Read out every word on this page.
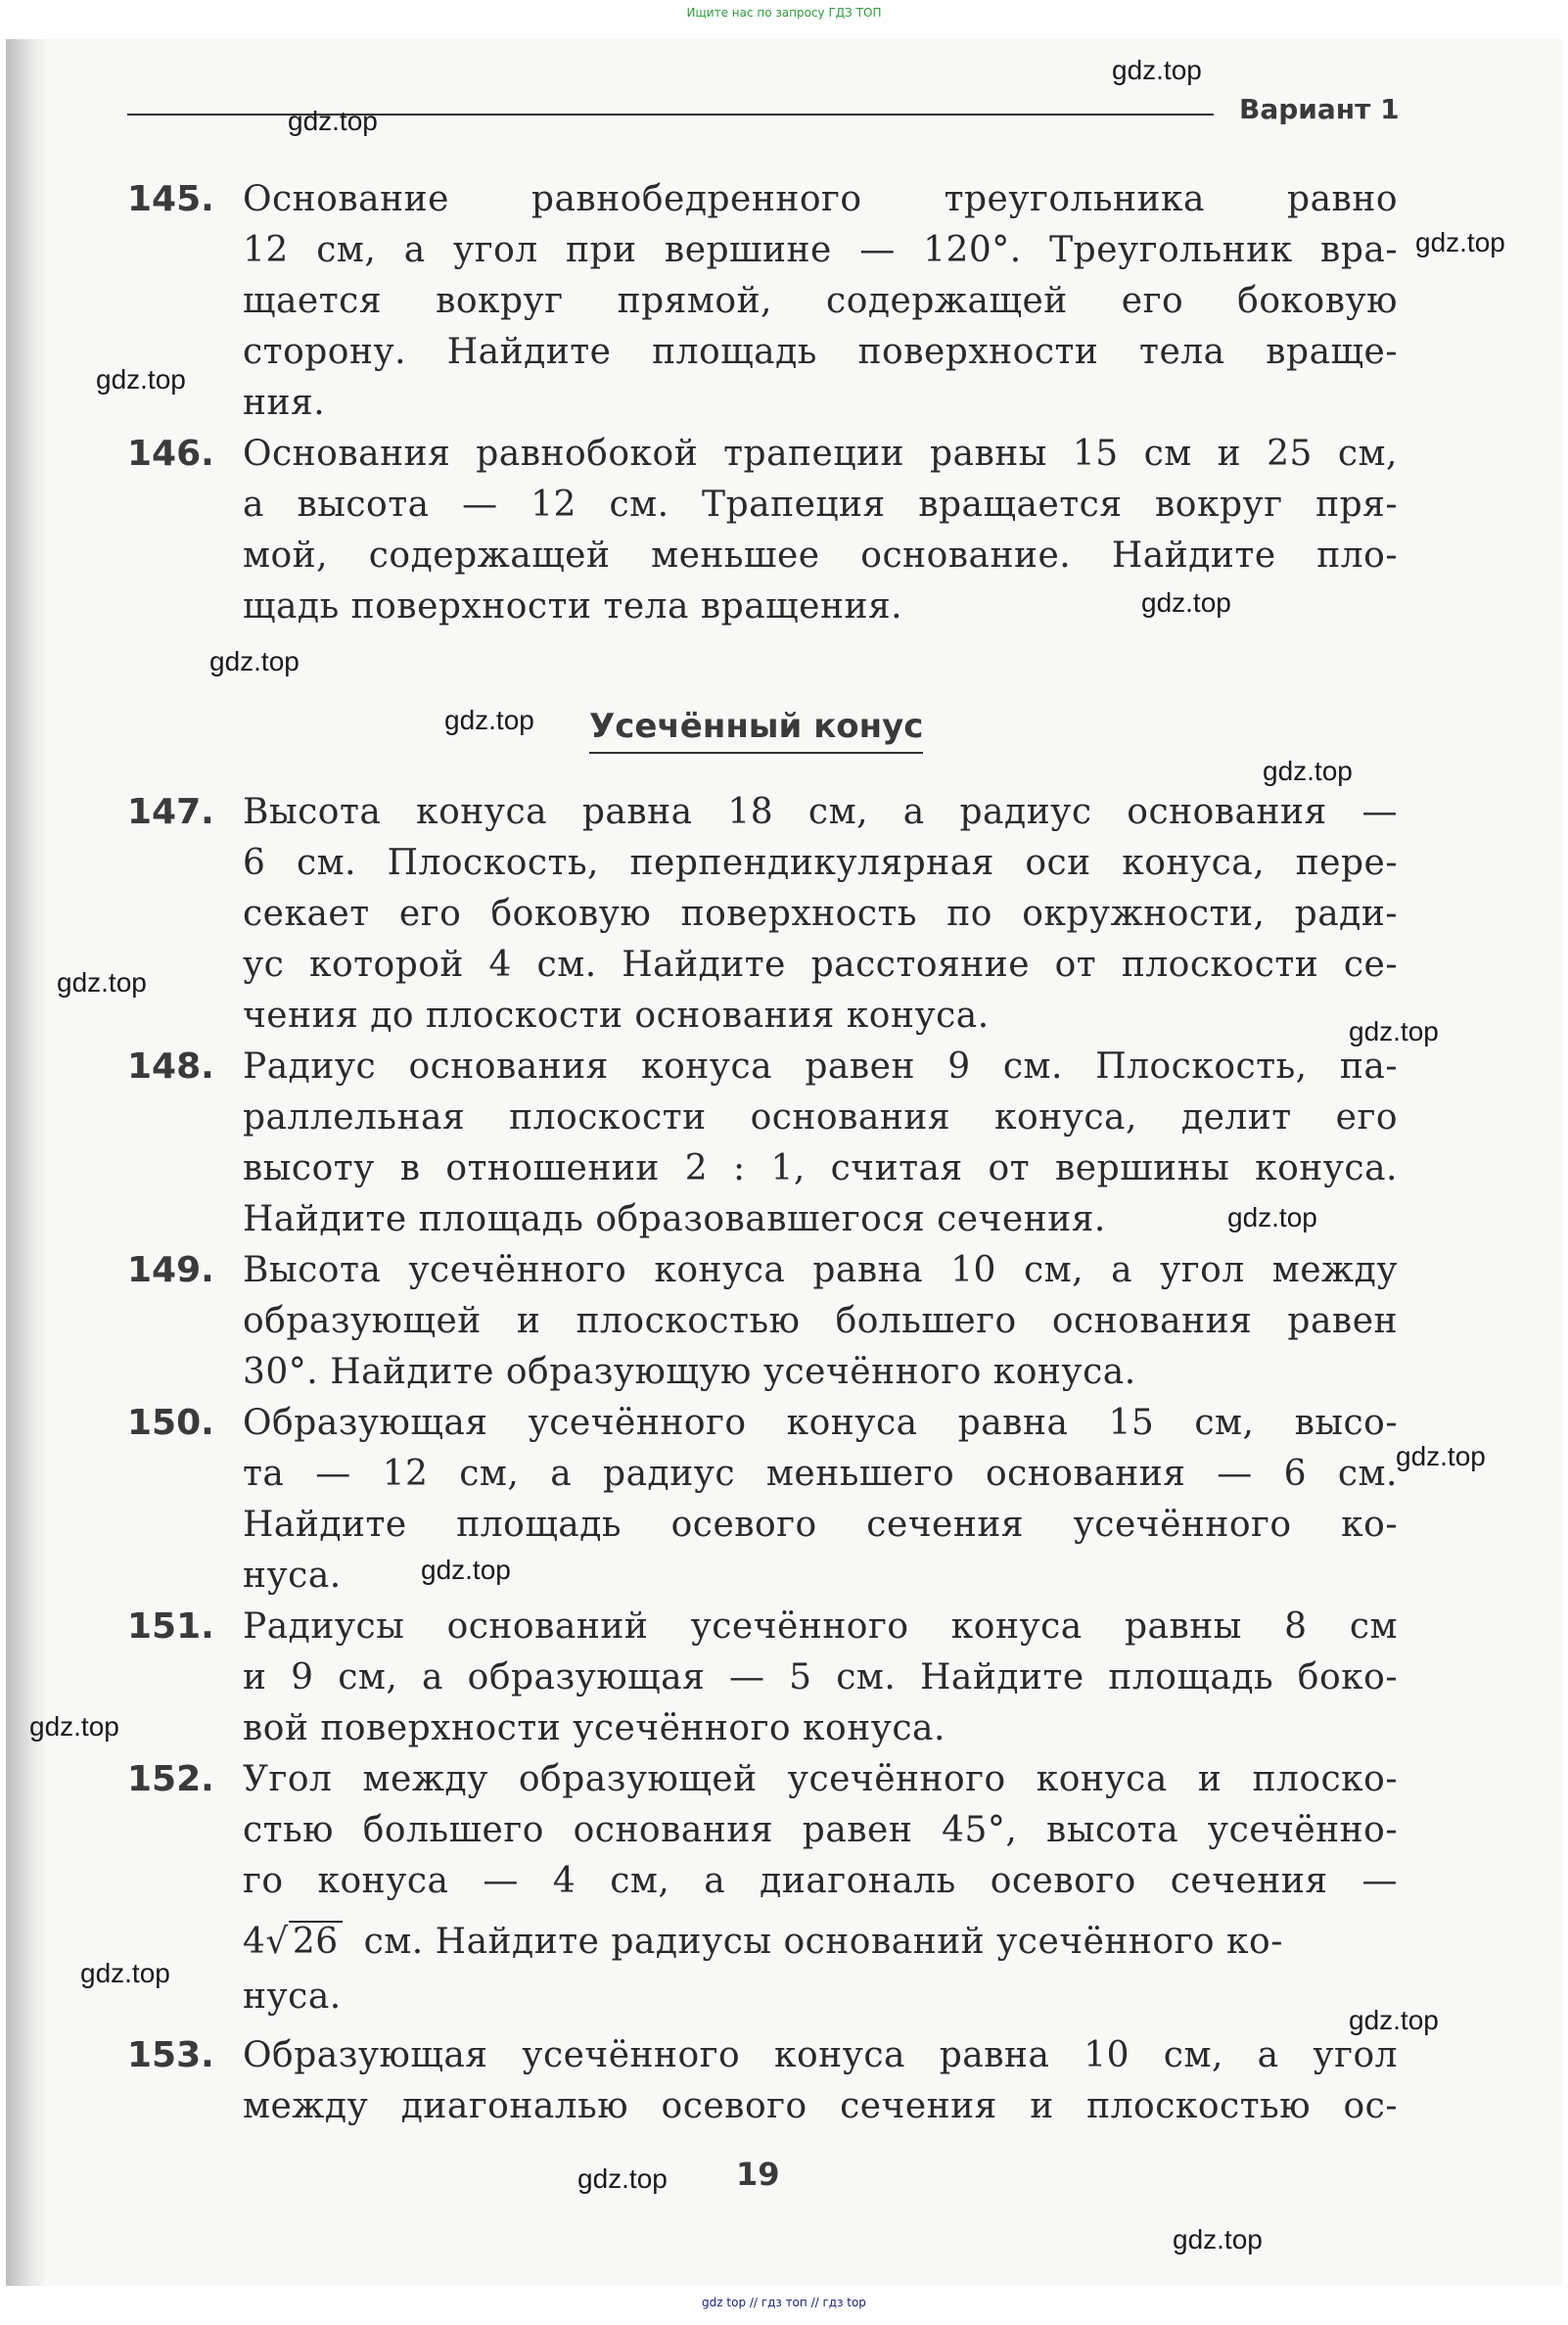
Ищите нас по запросу ГДЗ ТОП
Вариант 1
145. Основание равнобедренного треугольника равно
12 см, а угол при вершине — 120°. Треугольник вра-
щается вокруг прямой, содержащей его боковую
сторону. Найдите площадь поверхности тела враще-
ния.
146. Основания равнобокой трапеции равны 15 см и 25 см,
а высота — 12 см. Трапеция вращается вокруг пря-
мой, содержащей меньшее основание. Найдите пло-
щадь поверхности тела вращения.
Усечённый конус
147. Высота конуса равна 18 см, а радиус основания —
6 см. Плоскость, перпендикулярная оси конуса, пере-
секает его боковую поверхность по окружности, ради-
ус которой 4 см. Найдите расстояние от плоскости се-
чения до плоскости основания конуса.
148. Радиус основания конуса равен 9 см. Плоскость, па-
раллельная плоскости основания конуса, делит его
высоту в отношении 2 : 1, считая от вершины конуса.
Найдите площадь образовавшегося сечения.
149. Высота усечённого конуса равна 10 см, а угол между
образующей и плоскостью большего основания равен
30°. Найдите образующую усечённого конуса.
150. Образующая усечённого конуса равна 15 см, высо-
та — 12 см, а радиус меньшего основания — 6 см.
Найдите площадь осевого сечения усечённого ко-
нуса.
151. Радиусы оснований усечённого конуса равны 8 см
и 9 см, а образующая — 5 см. Найдите площадь боко-
вой поверхности усечённого конуса.
152. Угол между образующей усечённого конуса и плоско-
стью большего основания равен 45°, высота усечённо-
го конуса — 4 см, а диагональ осевого сечения —
4√ 26 см. Найдите радиусы оснований усечённого ко-
нуса.
153. Образующая усечённого конуса равна 10 см, а угол
между диагональю осевого сечения и плоскостью ос-
19
gdz.top
gdz.top
gdz.top
gdz.top
gdz.top
gdz.top
gdz.top
gdz.top
gdz.top
gdz.top
gdz.top
gdz.top
gdz.top
gdz.top
gdz.top
gdz.top
gdz.top
gdz.top
gdz top // гдз топ // гдз top
